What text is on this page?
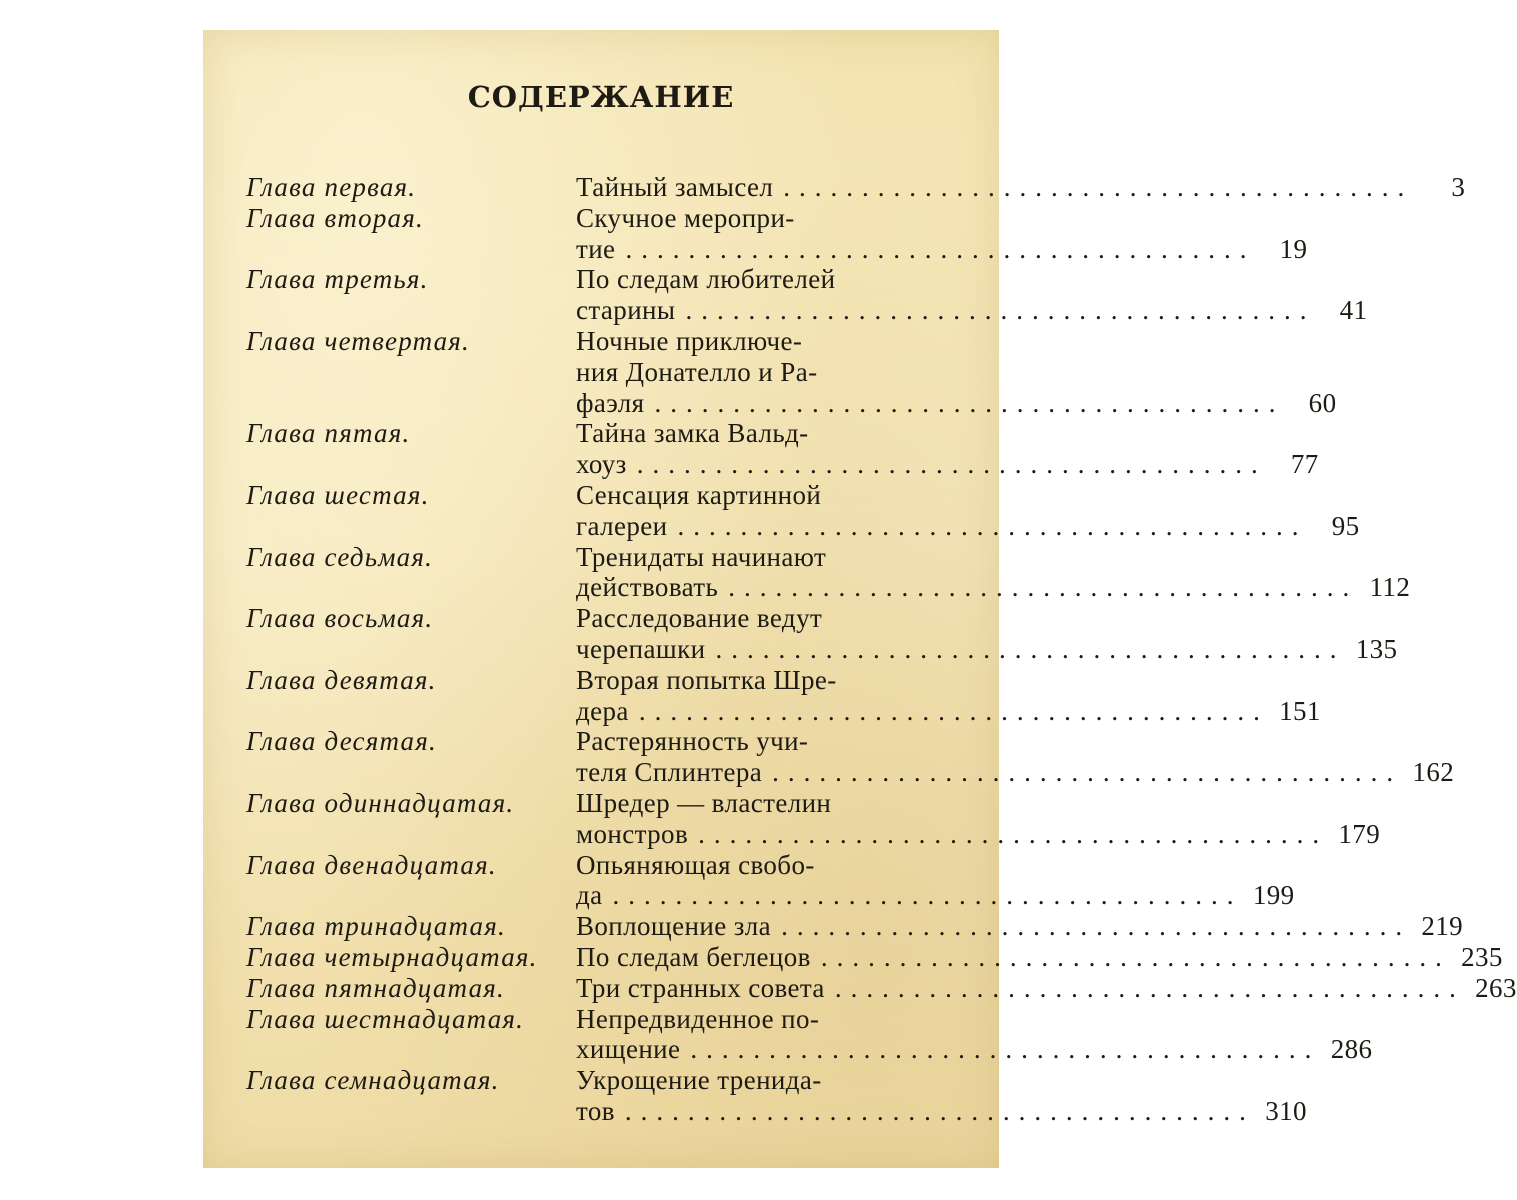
СОДЕРЖАНИЕ
Глава первая.	Тайный замысел ........................................	3
Глава вторая.	Скучное меропри-
тие ........................................ 19
Глава третья.	По следам любителей
старины ........................................ 41
Глава четвертая.	Ночные приключе-
ния Донателло и Ра-
фаэля ........................................ 60
Глава пятая.	Тайна замка Вальд-
хоуз ........................................ 77
Глава шестая.	Сенсация картинной
галереи ........................................ 95
Глава седьмая.	Тренидаты начинают
действовать ........................................ 112
Глава восьмая.	Расследование ведут
черепашки ........................................ 135
Глава девятая.	Вторая попытка Шре-
дера ........................................ 151
Глава десятая.	Растерянность учи-
теля Сплинтера ........................................ 162
Глава одиннадцатая.	Шредер — властелин
монстров ........................................ 179
Глава двенадцатая.	Опьяняющая свобо-
да ........................................ 199
Глава тринадцатая.	Воплощение зла ........................................ 219
Глава четырнадцатая.	По следам беглецов ........................................ 235
Глава пятнадцатая.	Три странных совета ........................................ 263
Глава шестнадцатая.	Непредвиденное по-
хищение ........................................ 286
Глава семнадцатая.	Укрощение тренида-
тов ........................................ 310
